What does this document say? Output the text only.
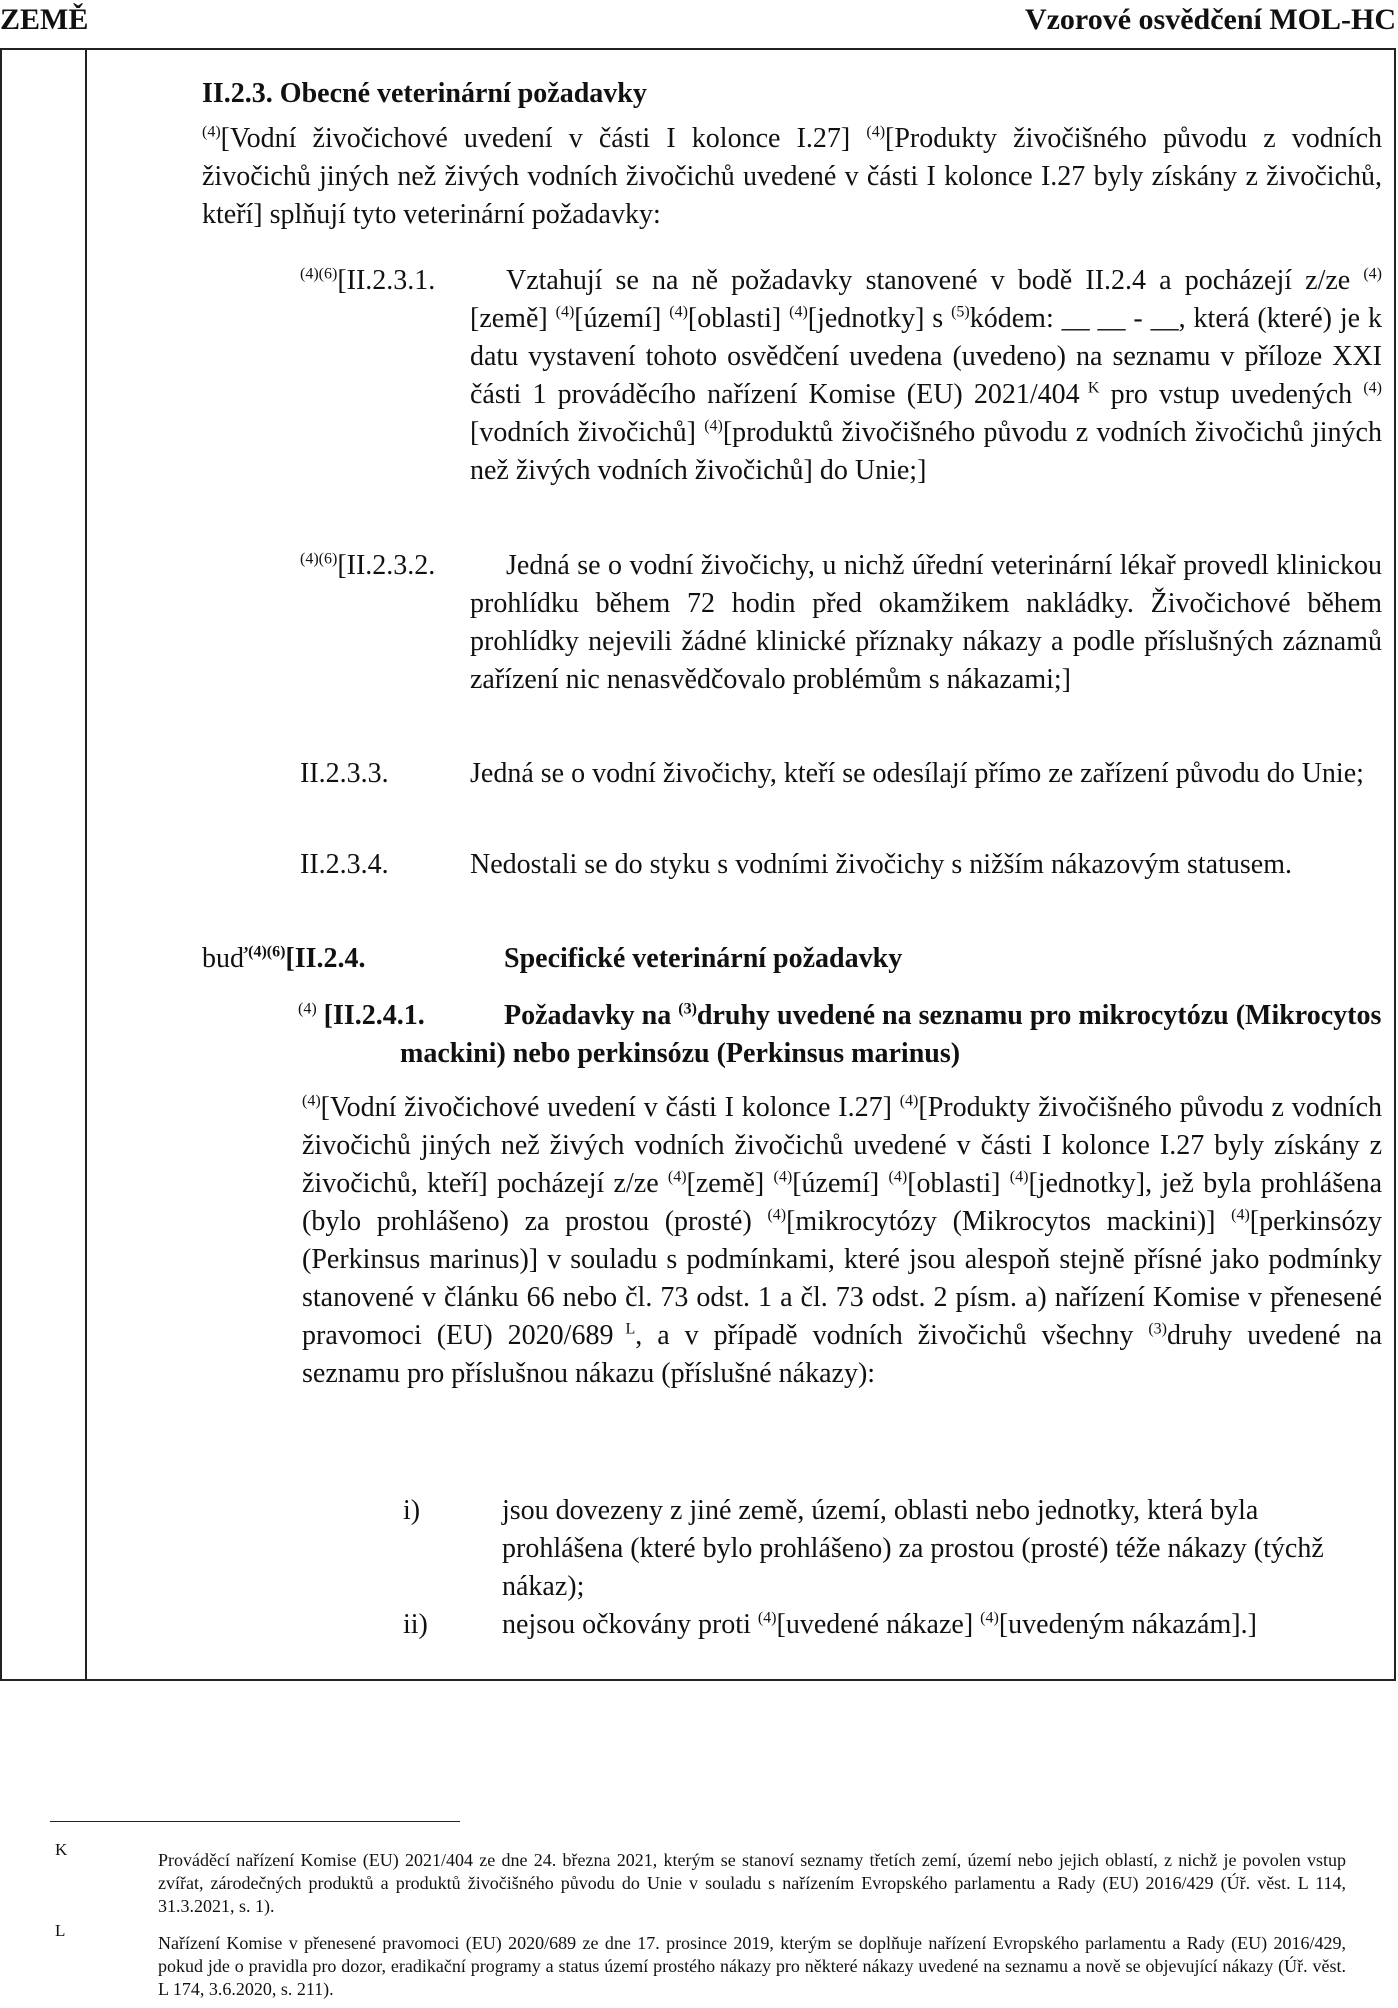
ZEMĚ	Vzorové osvědčení MOL-HC
II.2.3. Obecné veterinární požadavky
$^{(4)}$[Vodní živočichové uvedení v části I kolonce I.27] $^{(4)}$[Produkty živočišného původu z vodních živočichů jiných než živých vodních živočichů uvedené v části I kolonce I.27 byly získány z živočichů, kteří] splňují tyto veterinární požadavky:
$^{(4)(6)}$[II.2.3.1.	Vztahují se na ně požadavky stanovené v bodě II.2.4 a pocházejí z/ze $^{(4)}$[země] $^{(4)}$[území] $^{(4)}$[oblasti] $^{(4)}$[jednotky] s $^{(5)}$kódem: __ __ - __, která (které) je k datu vystavení tohoto osvědčení uvedena (uvedeno) na seznamu v příloze XXI části 1 prováděcího nařízení Komise (EU) 2021/404 $^K$ pro vstup uvedených $^{(4)}$[vodních živočichů] $^{(4)}$[produktů živočišného původu z vodních živočichů jiných než živých vodních živočichů] do Unie;]
$^{(4)(6)}$[II.2.3.2.	Jedná se o vodní živočichy, u nichž úřední veterinární lékař provedl klinickou prohlídku během 72 hodin před okamžikem nakládky. Živočichové během prohlídky nejevili žádné klinické příznaky nákazy a podle příslušných záznamů zařízení nic nenasvědčovalo problémům s nákazami;]
II.2.3.3.	Jedná se o vodní živočichy, kteří se odesílají přímo ze zařízení původu do Unie;
II.2.3.4.	Nedostali se do styku s vodními živočichy s nižším nákazovým statusem.
buď$^{(4)(6)}$[II.2.4.	Specifické veterinární požadavky
$^{(4)}$ [II.2.4.1.	Požadavky na $^{(3)}$druhy uvedené na seznamu pro mikrocytózu (Mikrocytos mackini) nebo perkinsózu (Perkinsus marinus)
$^{(4)}$[Vodní živočichové uvedení v části I kolonce I.27] $^{(4)}$[Produkty živočišného původu z vodních živočichů jiných než živých vodních živočichů uvedené v části I kolonce I.27 byly získány z živočichů, kteří] pocházejí z/ze $^{(4)}$[země] $^{(4)}$[území] $^{(4)}$[oblasti] $^{(4)}$[jednotky], jež byla prohlášena (bylo prohlášeno) za prostou (prosté) $^{(4)}$[mikrocytózy (Mikrocytos mackini)] $^{(4)}$[perkinsózy (Perkinsus marinus)] v souladu s podmínkami, které jsou alespoň stejně přísné jako podmínky stanovené v článku 66 nebo čl. 73 odst. 1 a čl. 73 odst. 2 písm. a) nařízení Komise v přenesené pravomoci (EU) 2020/689 $^L$, a v případě vodních živočichů všechny $^{(3)}$druhy uvedené na seznamu pro příslušnou nákazu (příslušné nákazy):
i)	jsou dovezeny z jiné země, území, oblasti nebo jednotky, která byla prohlášena (které bylo prohlášeno) za prostou (prosté) téže nákazy (týchž nákaz);
ii)	nejsou očkovány proti $^{(4)}$[uvedené nákaze] $^{(4)}$[uvedeným nákazám].]
K
Prováděcí nařízení Komise (EU) 2021/404 ze dne 24. března 2021, kterým se stanoví seznamy třetích zemí, území nebo jejich oblastí, z nichž je povolen vstup zvířat, zárodečných produktů a produktů živočišného původu do Unie v souladu s nařízením Evropského parlamentu a Rady (EU) 2016/429 (Úř. věst. L 114, 31.3.2021, s. 1).
L
Nařízení Komise v přenesené pravomoci (EU) 2020/689 ze dne 17. prosince 2019, kterým se doplňuje nařízení Evropského parlamentu a Rady (EU) 2016/429, pokud jde o pravidla pro dozor, eradikační programy a status území prostého nákazy pro některé nákazy uvedené na seznamu a nově se objevující nákazy (Úř. věst. L 174, 3.6.2020, s. 211).
